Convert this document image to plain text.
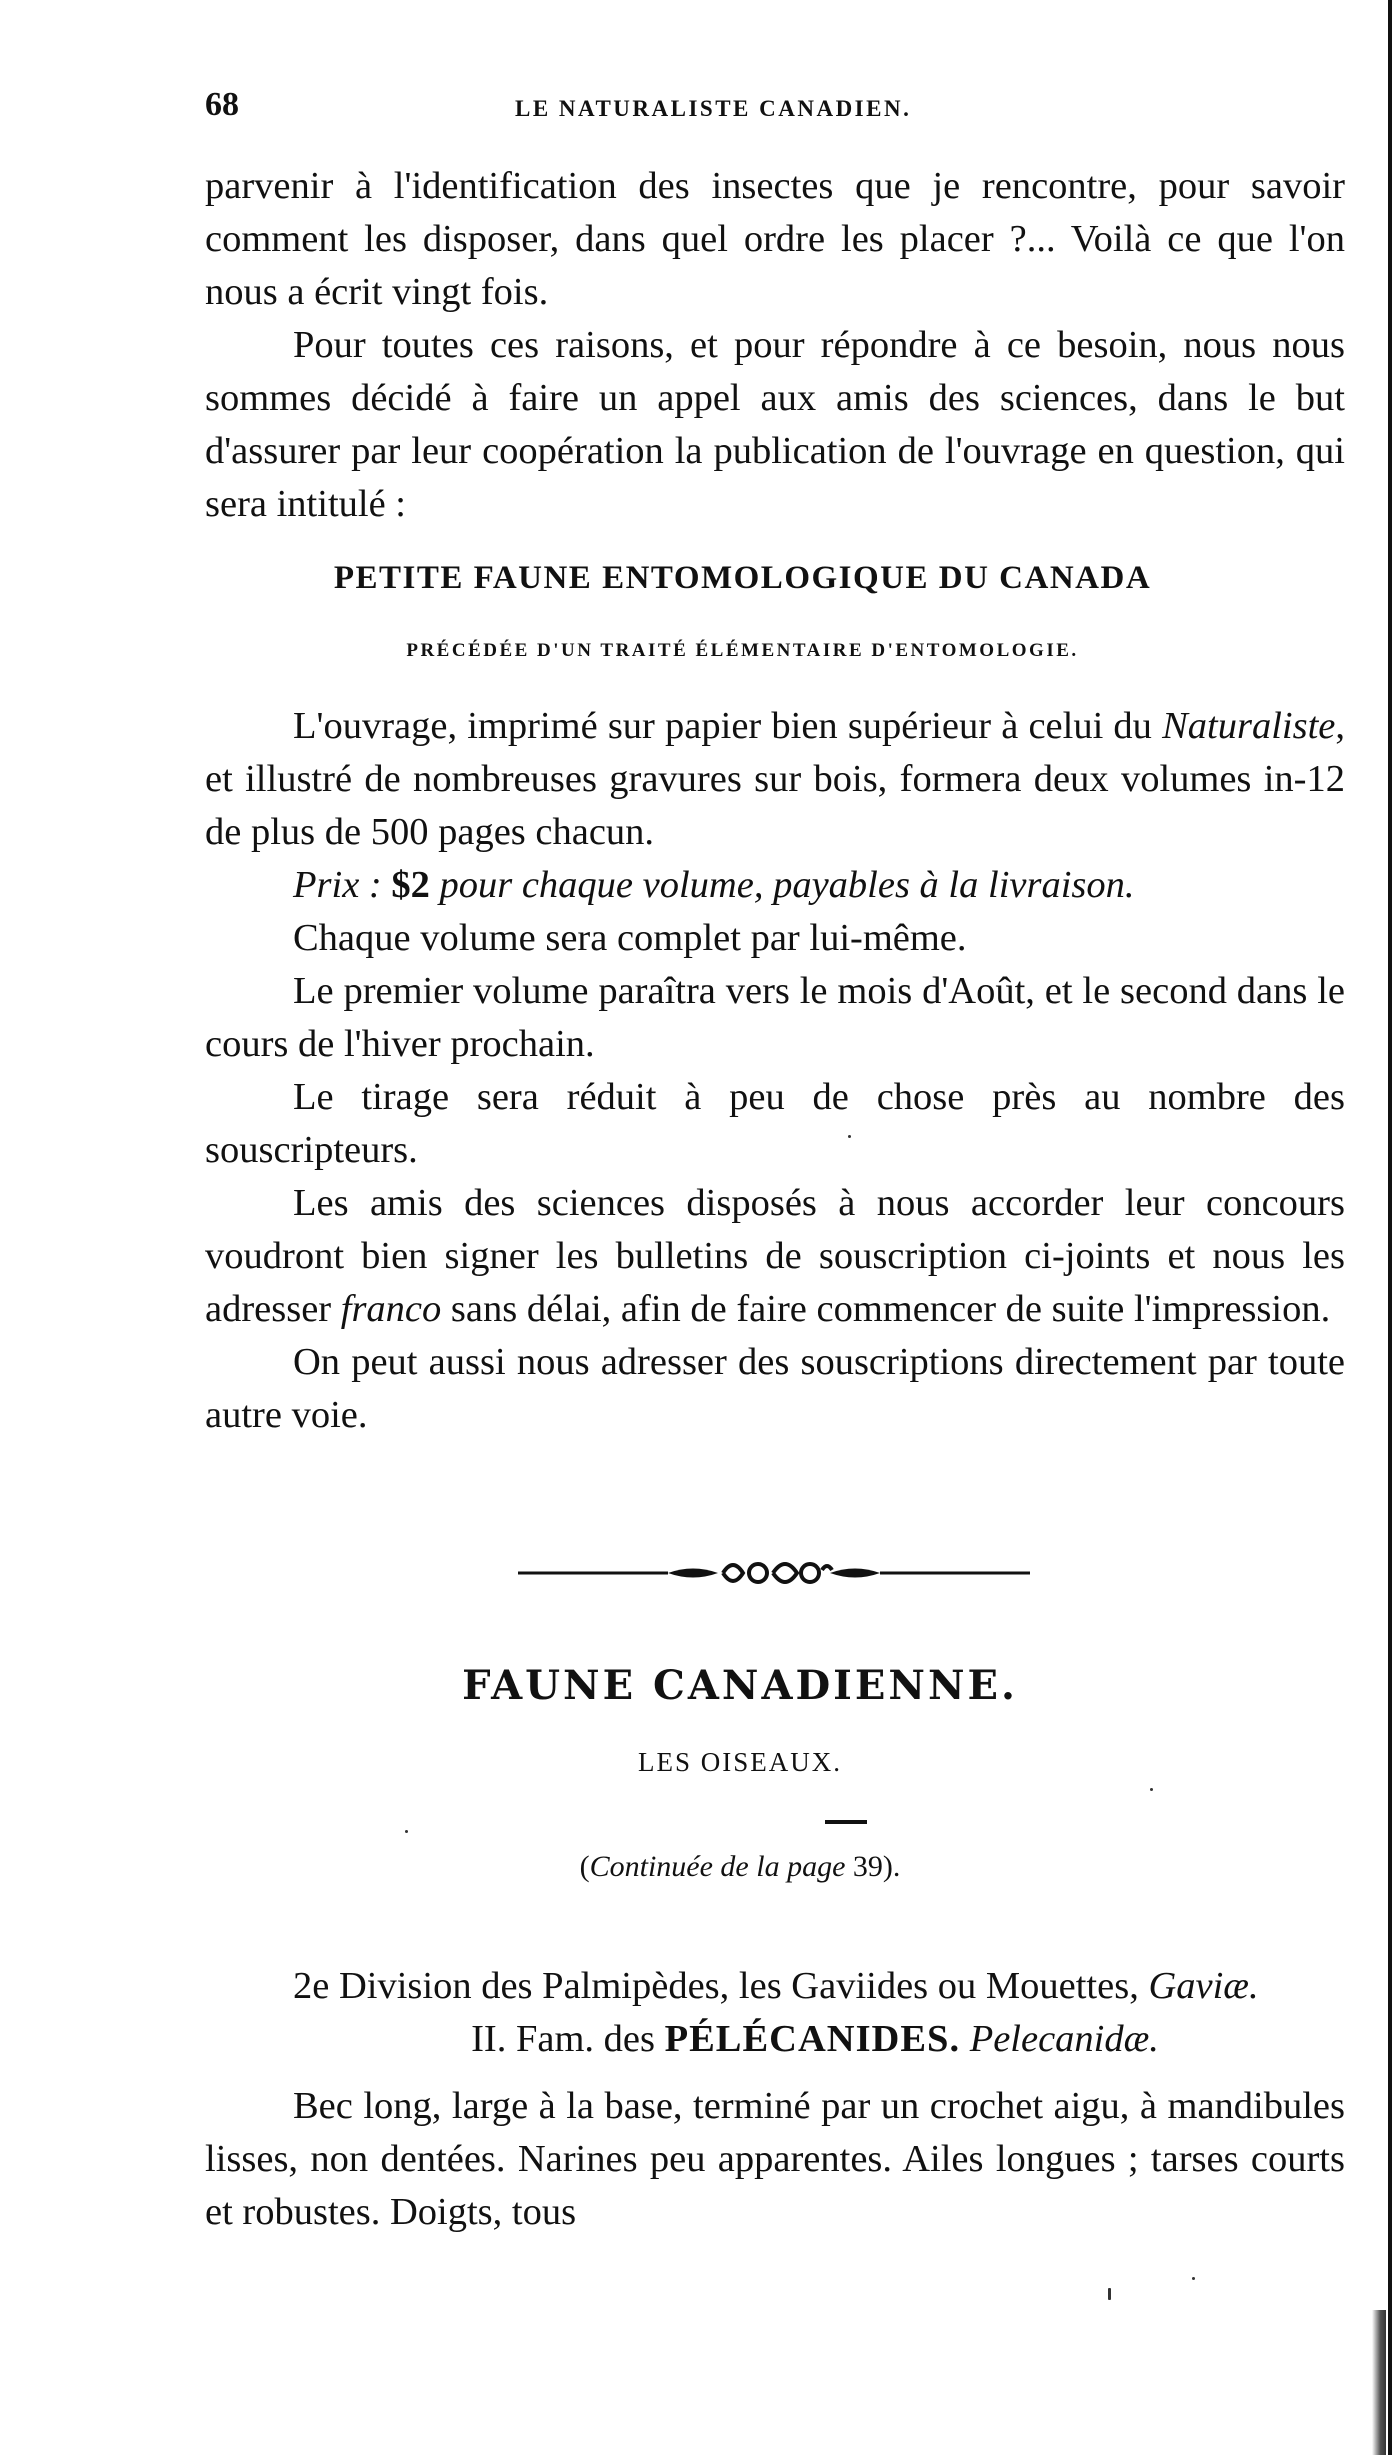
68	LE NATURALISTE CANADIEN.

parvenir à l'identification des insectes que je rencontre, pour savoir comment les disposer, dans quel ordre les placer ?... Voilà ce que l'on nous a écrit vingt fois.

Pour toutes ces raisons, et pour répondre à ce besoin, nous nous sommes décidé à faire un appel aux amis des sciences, dans le but d'assurer par leur coopération la publication de l'ouvrage en question, qui sera intitulé :

PETITE FAUNE ENTOMOLOGIQUE DU CANADA
PRÉCÉDÉE D'UN TRAITÉ ÉLÉMENTAIRE D'ENTOMOLOGIE.

L'ouvrage, imprimé sur papier bien supérieur à celui du Naturaliste, et illustré de nombreuses gravures sur bois, formera deux volumes in-12 de plus de 500 pages chacun.

Prix : $2 pour chaque volume, payables à la livraison.

Chaque volume sera complet par lui-même.

Le premier volume paraîtra vers le mois d'Août, et le second dans le cours de l'hiver prochain.

Le tirage sera réduit à peu de chose près au nombre des souscripteurs.

Les amis des sciences disposés à nous accorder leur concours voudront bien signer les bulletins de souscription ci-joints et nous les adresser franco sans délai, afin de faire commencer de suite l'impression.

On peut aussi nous adresser des souscriptions directement par toute autre voie.

FAUNE CANADIENNE.
LES OISEAUX.
(Continuée de la page 39).

2e Division des Palmipèdes, les Gaviides ou Mouettes, Gaviæ.

II. Fam. des PÉLÉCANIDES. Pelecanidæ.

Bec long, large à la base, terminé par un crochet aigu, à mandibules lisses, non dentées. Narines peu apparentes. Ailes longues ; tarses courts et robustes. Doigts, tous
